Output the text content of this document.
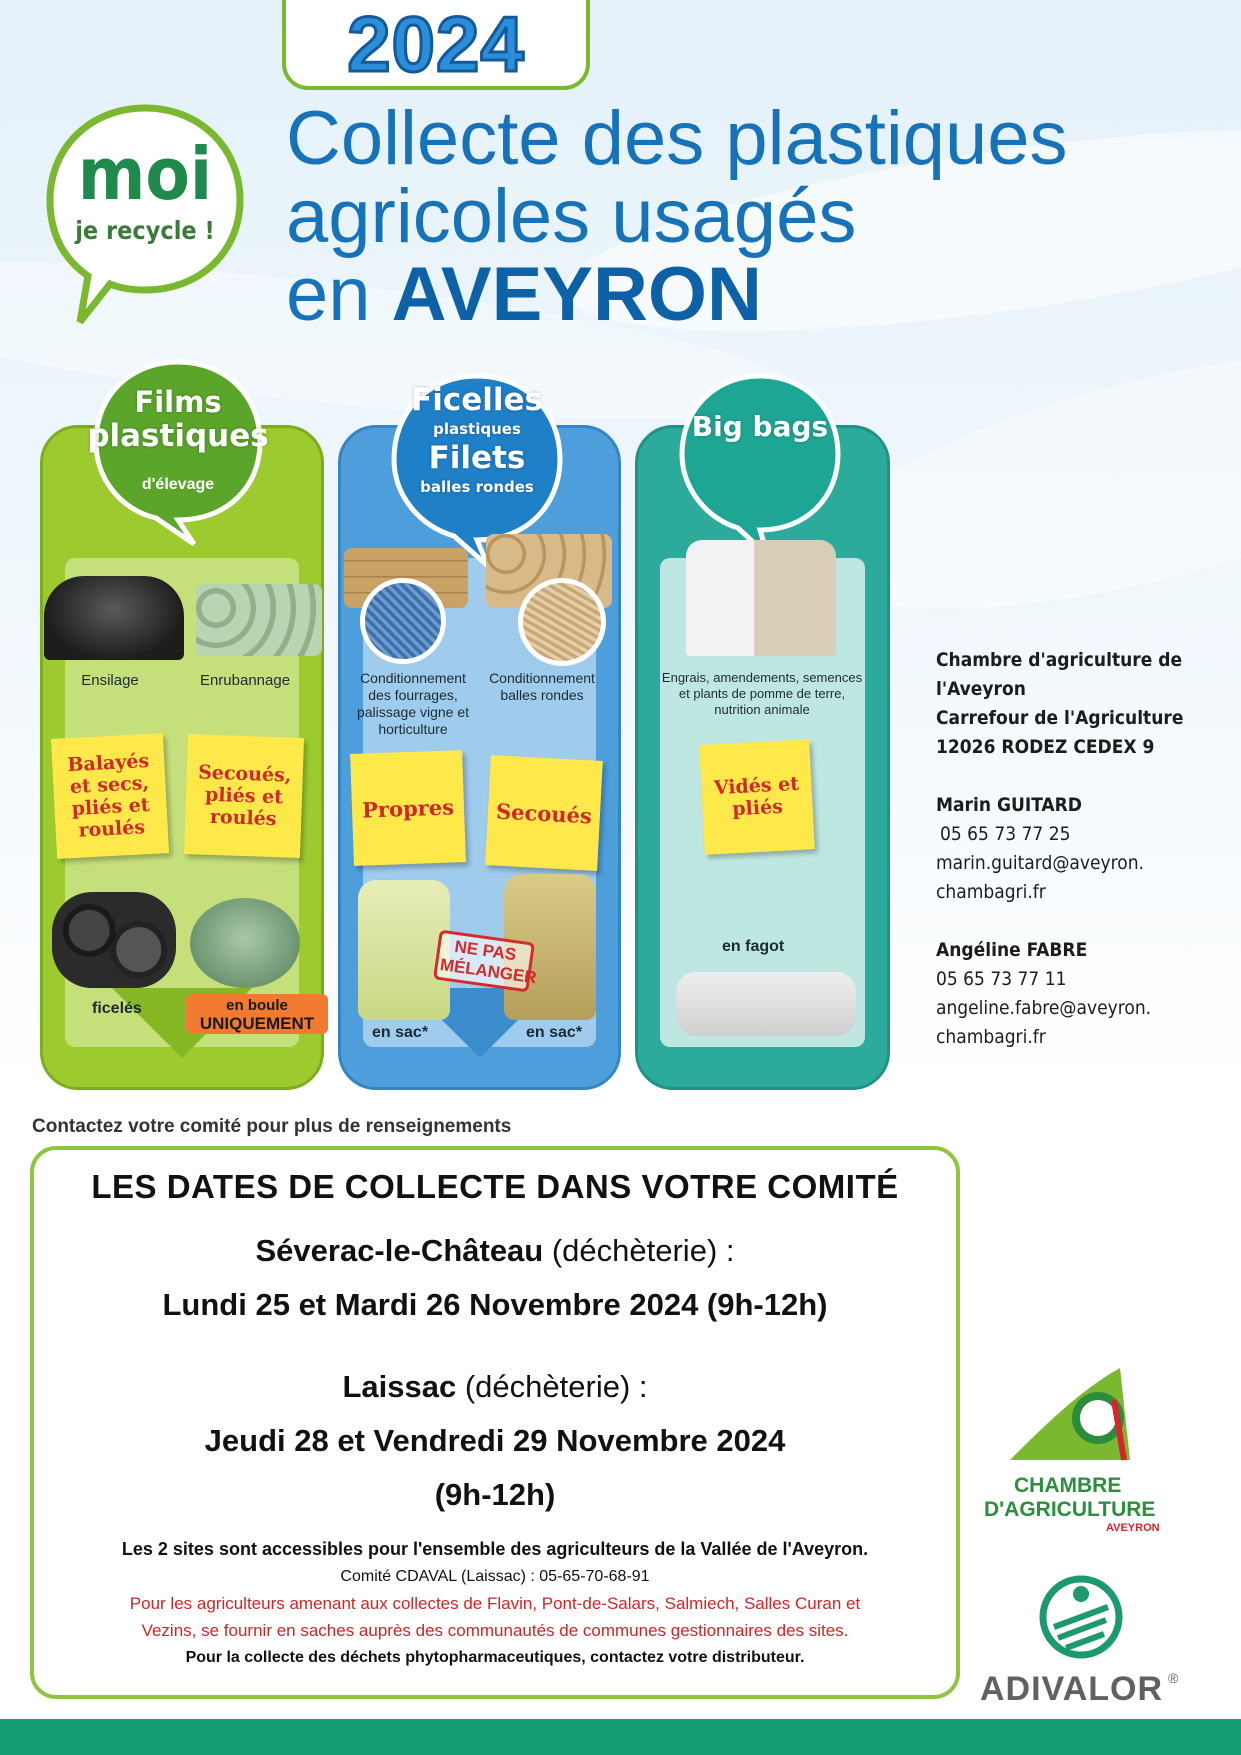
2024
Collecte des plastiques
agricoles usagés
en AVEYRON
moi
je recycle !
Films
plastiques
d'élevage
Ensilage	Enrubannage
Balayés et secs, pliés et roulés
Secoués, pliés et roulés
ficelés	en boule
UNIQUEMENT
Ficelles
plastiques
Filets
balles rondes
Conditionnement des fourrages, palissage vigne et horticulture
Conditionnement balles rondes
Propres	Secoués
NE PAS MÉLANGER
en sac*	en sac*
Big bags
Engrais, amendements, semences et plants de pomme de terre, nutrition animale
Vidés et pliés
en fagot
Chambre d'agriculture de
l'Aveyron
Carrefour de l'Agriculture
12026 RODEZ CEDEX 9
Marin GUITARD
05 65 73 77 25
marin.guitard@aveyron.
chambagri.fr
Angéline FABRE
05 65 73 77 11
angeline.fabre@aveyron.
chambagri.fr
Contactez votre comité pour plus de renseignements
LES DATES DE COLLECTE DANS VOTRE COMITÉ
Séverac-le-Château (déchèterie) :
Lundi 25 et Mardi 26 Novembre 2024 (9h-12h)
Laissac (déchèterie) :
Jeudi 28 et Vendredi 29 Novembre 2024
(9h-12h)
Les 2 sites sont accessibles pour l'ensemble des agriculteurs de la Vallée de l'Aveyron.
Comité CDAVAL (Laissac) : 05-65-70-68-91
Pour les agriculteurs amenant aux collectes de Flavin, Pont-de-Salars, Salmiech, Salles Curan et
Vezins, se fournir en saches auprès des communautés de communes gestionnaires des sites.
Pour la collecte des déchets phytopharmaceutiques, contactez votre distributeur.
CHAMBRE
D'AGRICULTURE
AVEYRON
ADIVALOR ®
